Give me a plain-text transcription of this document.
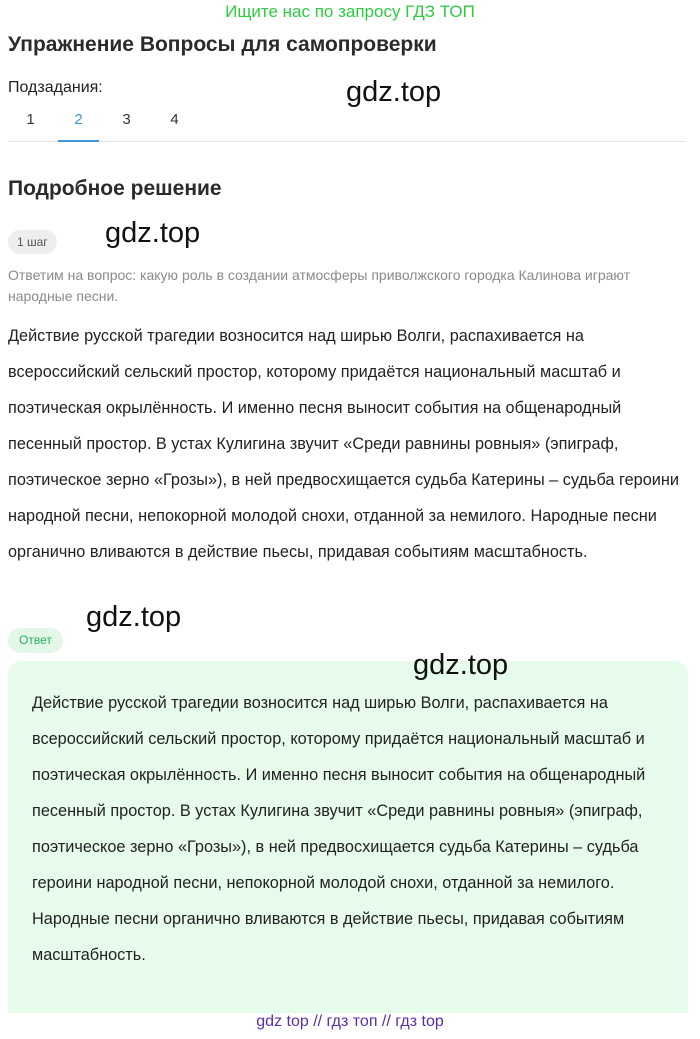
Ищите нас по запросу ГДЗ ТОП
Упражнение Вопросы для самопроверки
Подзадания:
1	2	3	4
gdz.top
Подробное решение
1 шаг	gdz.top

Ответим на вопрос: какую роль в создании атмосферы приволжского городка Калинова играют народные песни.

Действие русской трагедии возносится над ширью Волги, распахивается на всероссийский сельский простор, которому придаётся национальный масштаб и поэтическая окрылённость. И именно песня выносит события на общенародный песенный простор. В устах Кулигина звучит «Среди равнины ровныя» (эпиграф, поэтическое зерно «Грозы»), в ней предвосхищается судьба Катерины – судьба героини народной песни, непокорной молодой снохи, отданной за немилого. Народные песни органично вливаются в действие пьесы, придавая событиям масштабность.

Ответ
gdz.top

Действие русской трагедии возносится над ширью Волги, распахивается на всероссийский сельский простор, которому придаётся национальный масштаб и поэтическая окрылённость. И именно песня выносит события на общенародный песенный простор. В устах Кулигина звучит «Среди равнины ровныя» (эпиграф, поэтическое зерно «Грозы»), в ней предвосхищается судьба Катерины – судьба героини народной песни, непокорной молодой снохи, отданной за немилого. Народные песни органично вливаются в действие пьесы, придавая событиям масштабность.

gdz.top
gdz top // гдз топ // гдз top
